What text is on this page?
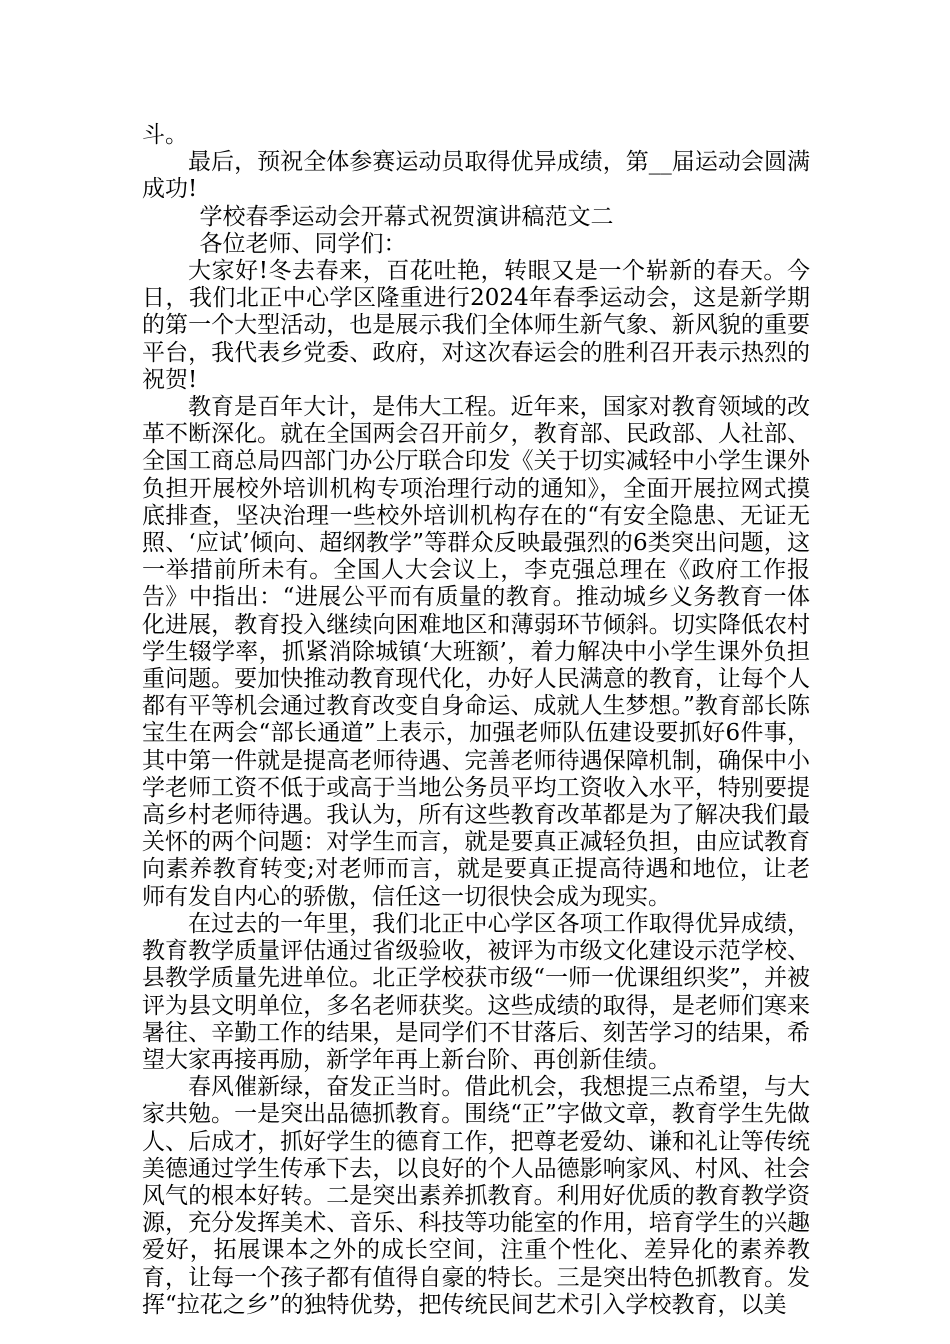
斗。

最后，预祝全体参赛运动员取得优异成绩，第__届运动会圆满成功!

学校春季运动会开幕式祝贺演讲稿范文二

各位老师、同学们：

大家好!冬去春来，百花吐艳，转眼又是一个崭新的春天。今日，我们北正中心学区隆重进行2024年春季运动会，这是新学期的第一个大型活动，也是展示我们全体师生新气象、新风貌的重要平台，我代表乡党委、政府，对这次春运会的胜利召开表示热烈的祝贺!

教育是百年大计，是伟大工程。近年来，国家对教育领域的改革不断深化。就在全国两会召开前夕，教育部、民政部、人社部、全国工商总局四部门办公厅联合印发《关于切实减轻中小学生课外负担开展校外培训机构专项治理行动的通知》，全面开展拉网式摸底排查，坚决治理一些校外培训机构存在的“有安全隐患、无证无照、‘应试’倾向、超纲教学”等群众反映最强烈的6类突出问题，这一举措前所未有。全国人大会议上，李克强总理在《政府工作报告》中指出：“进展公平而有质量的教育。推动城乡义务教育一体化进展，教育投入继续向困难地区和薄弱环节倾斜。切实降低农村学生辍学率，抓紧消除城镇‘大班额’，着力解决中小学生课外负担重问题。要加快推动教育现代化，办好人民满意的教育，让每个人都有平等机会通过教育改变自身命运、成就人生梦想。”教育部长陈宝生在两会“部长通道”上表示，加强老师队伍建设要抓好6件事，其中第一件就是提高老师待遇、完善老师待遇保障机制，确保中小学老师工资不低于或高于当地公务员平均工资收入水平，特别要提高乡村老师待遇。我认为，所有这些教育改革都是为了解决我们最关怀的两个问题：对学生而言，就是要真正减轻负担，由应试教育向素养教育转变;对老师而言，就是要真正提高待遇和地位，让老师有发自内心的骄傲，信任这一切很快会成为现实。

在过去的一年里，我们北正中心学区各项工作取得优异成绩，教育教学质量评估通过省级验收，被评为市级文化建设示范学校、县教学质量先进单位。北正学校获市级“一师一优课组织奖”，并被评为县文明单位，多名老师获奖。这些成绩的取得，是老师们寒来暑往、辛勤工作的结果，是同学们不甘落后、刻苦学习的结果，希望大家再接再励，新学年再上新台阶、再创新佳绩。

春风催新绿，奋发正当时。借此机会，我想提三点希望，与大家共勉。一是突出品德抓教育。围绕“正”字做文章，教育学生先做人、后成才，抓好学生的德育工作，把尊老爱幼、谦和礼让等传统美德通过学生传承下去，以良好的个人品德影响家风、村风、社会风气的根本好转。二是突出素养抓教育。利用好优质的教育教学资源，充分发挥美术、音乐、科技等功能室的作用，培育学生的兴趣爱好，拓展课本之外的成长空间，注重个性化、差异化的素养教育，让每一个孩子都有值得自豪的特长。三是突出特色抓教育。发挥“拉花之乡”的独特优势，把传统民间艺术引入学校教育，以美
